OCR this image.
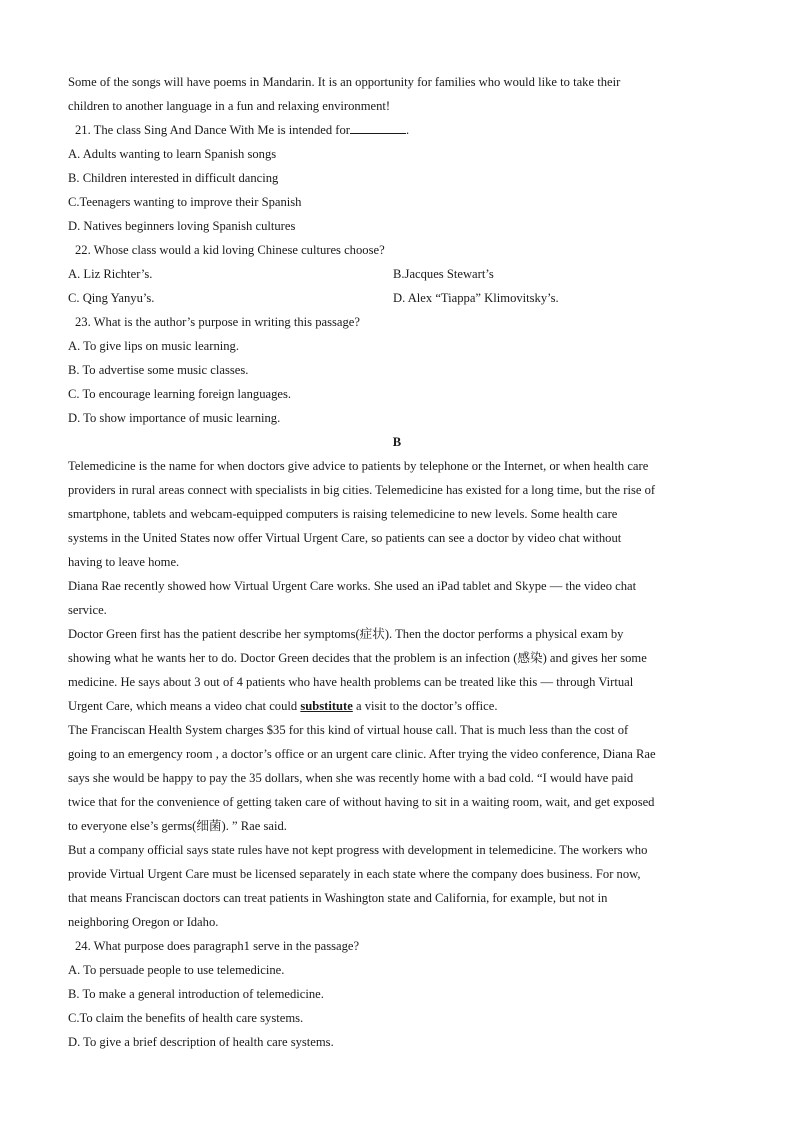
Some of the songs will have poems in Mandarin. It is an opportunity for families who would like to take their
children to another language in a fun and relaxing environment!
21. The class Sing And Dance With Me is intended for	.
A. Adults wanting to learn Spanish songs
B. Children interested in difficult dancing
C.Teenagers wanting to improve their Spanish
D. Natives beginners loving Spanish cultures
22. Whose class would a kid loving Chinese cultures choose?
A. Liz Richter’s.	B.Jacques Stewart’s
C. Qing Yanyu’s.	D. Alex “Tiappa” Klimovitsky’s.
23. What is the author’s purpose in writing this passage?
A. To give lips on music learning.
B. To advertise some music classes.
C. To encourage learning foreign languages.
D. To show importance of music learning.
B
Telemedicine is the name for when doctors give advice to patients by telephone or the Internet, or when health care
providers in rural areas connect with specialists in big cities. Telemedicine has existed for a long time, but the rise of
smartphone, tablets and webcam-equipped computers is raising telemedicine to new levels. Some health care
systems in the United States now offer Virtual Urgent Care, so patients can see a doctor by video chat without
having to leave home.
Diana Rae recently showed how Virtual Urgent Care works. She used an iPad tablet and Skype — the video chat
service.
Doctor Green first has the patient describe her symptoms(症状). Then the doctor performs a physical exam by
showing what he wants her to do. Doctor Green decides that the problem is an infection (感染) and gives her some
medicine. He says about 3 out of 4 patients who have health problems can be treated like this — through Virtual
Urgent Care, which means a video chat could substitute a visit to the doctor’s office.
The Franciscan Health System charges $35 for this kind of virtual house call. That is much less than the cost of
going to an emergency room , a doctor’s office or an urgent care clinic. After trying the video conference, Diana Rae
says she would be happy to pay the 35 dollars, when she was recently home with a bad cold. “I would have paid
twice that for the convenience of getting taken care of without having to sit in a waiting room, wait, and get exposed
to everyone else’s germs(细菌). ” Rae said.
But a company official says state rules have not kept progress with development in telemedicine. The workers who
provide Virtual Urgent Care must be licensed separately in each state where the company does business. For now,
that means Franciscan doctors can treat patients in Washington state and California, for example, but not in
neighboring Oregon or Idaho.
24. What purpose does paragraph1 serve in the passage?
A. To persuade people to use telemedicine.
B. To make a general introduction of telemedicine.
C.To claim the benefits of health care systems.
D. To give a brief description of health care systems.
